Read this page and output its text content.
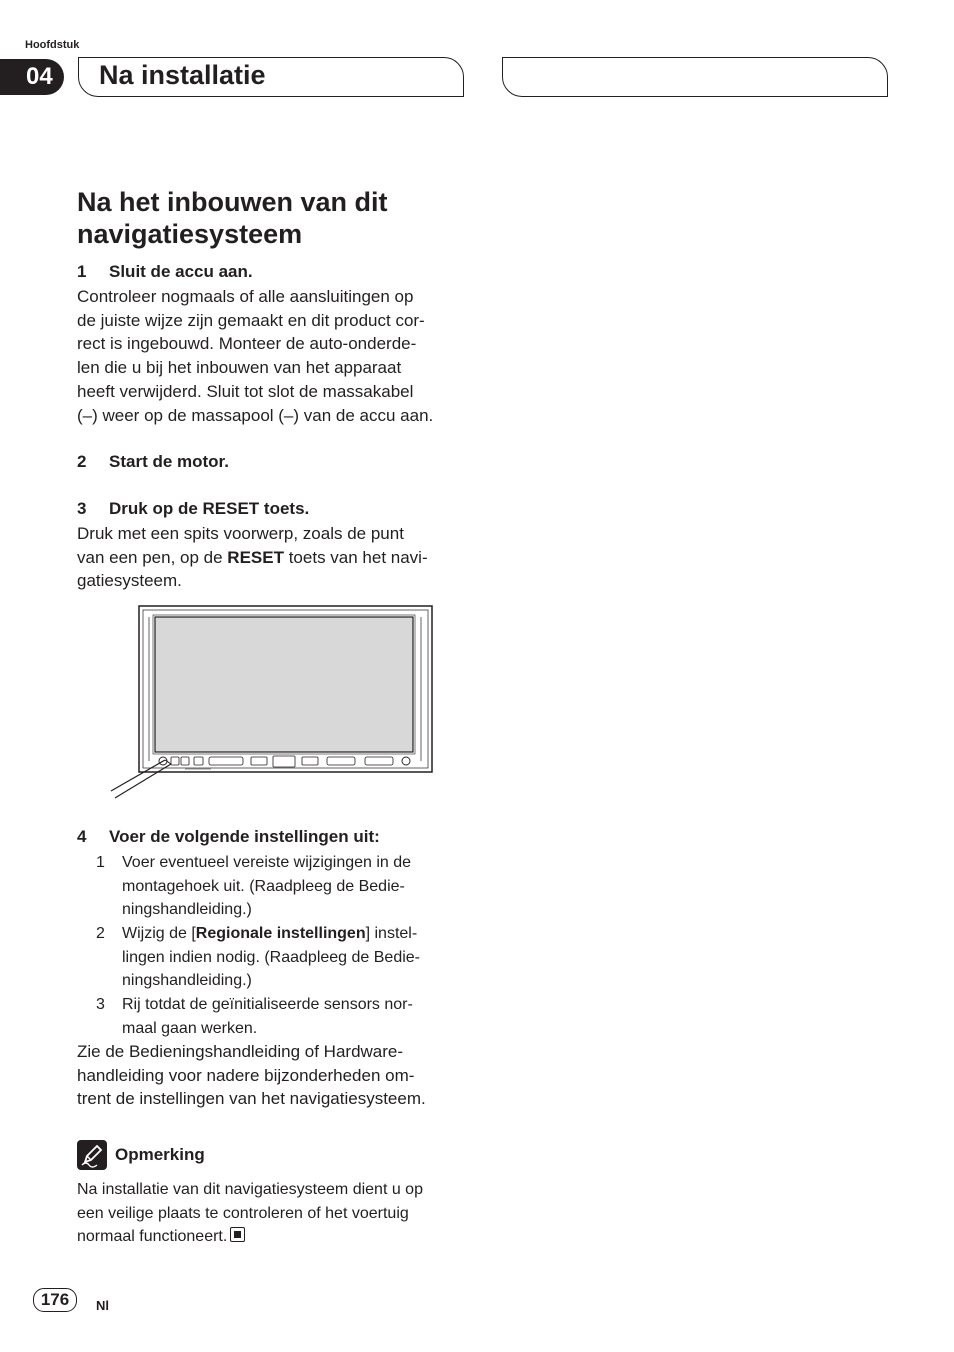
Hoofdstuk
04 Na installatie
Na het inbouwen van dit
navigatiesysteem
1 Sluit de accu aan.
Controleer nogmaals of alle aansluitingen op
de juiste wijze zijn gemaakt en dit product cor-
rect is ingebouwd. Monteer de auto-onderde-
len die u bij het inbouwen van het apparaat
heeft verwijderd. Sluit tot slot de massakabel
(–) weer op de massapool (–) van de accu aan.
2 Start de motor.
3 Druk op de RESET toets.
Druk met een spits voorwerp, zoals de punt
van een pen, op de RESET toets van het navi-
gatiesysteem.
4 Voer de volgende instellingen uit:
1 Voer eventueel vereiste wijzigingen in de
montagehoek uit. (Raadpleeg de Bedie-
ningshandleiding.)
2 Wijzig de [Regionale instellingen] instel-
lingen indien nodig. (Raadpleeg de Bedie-
ningshandleiding.)
3 Rij totdat de geïnitialiseerde sensors nor-
maal gaan werken.
Zie de Bedieningshandleiding of Hardware-
handleiding voor nadere bijzonderheden om-
trent de instellingen van het navigatiesysteem.
Opmerking
Na installatie van dit navigatiesysteem dient u op
een veilige plaats te controleren of het voertuig
normaal functioneert.
176	Nl
